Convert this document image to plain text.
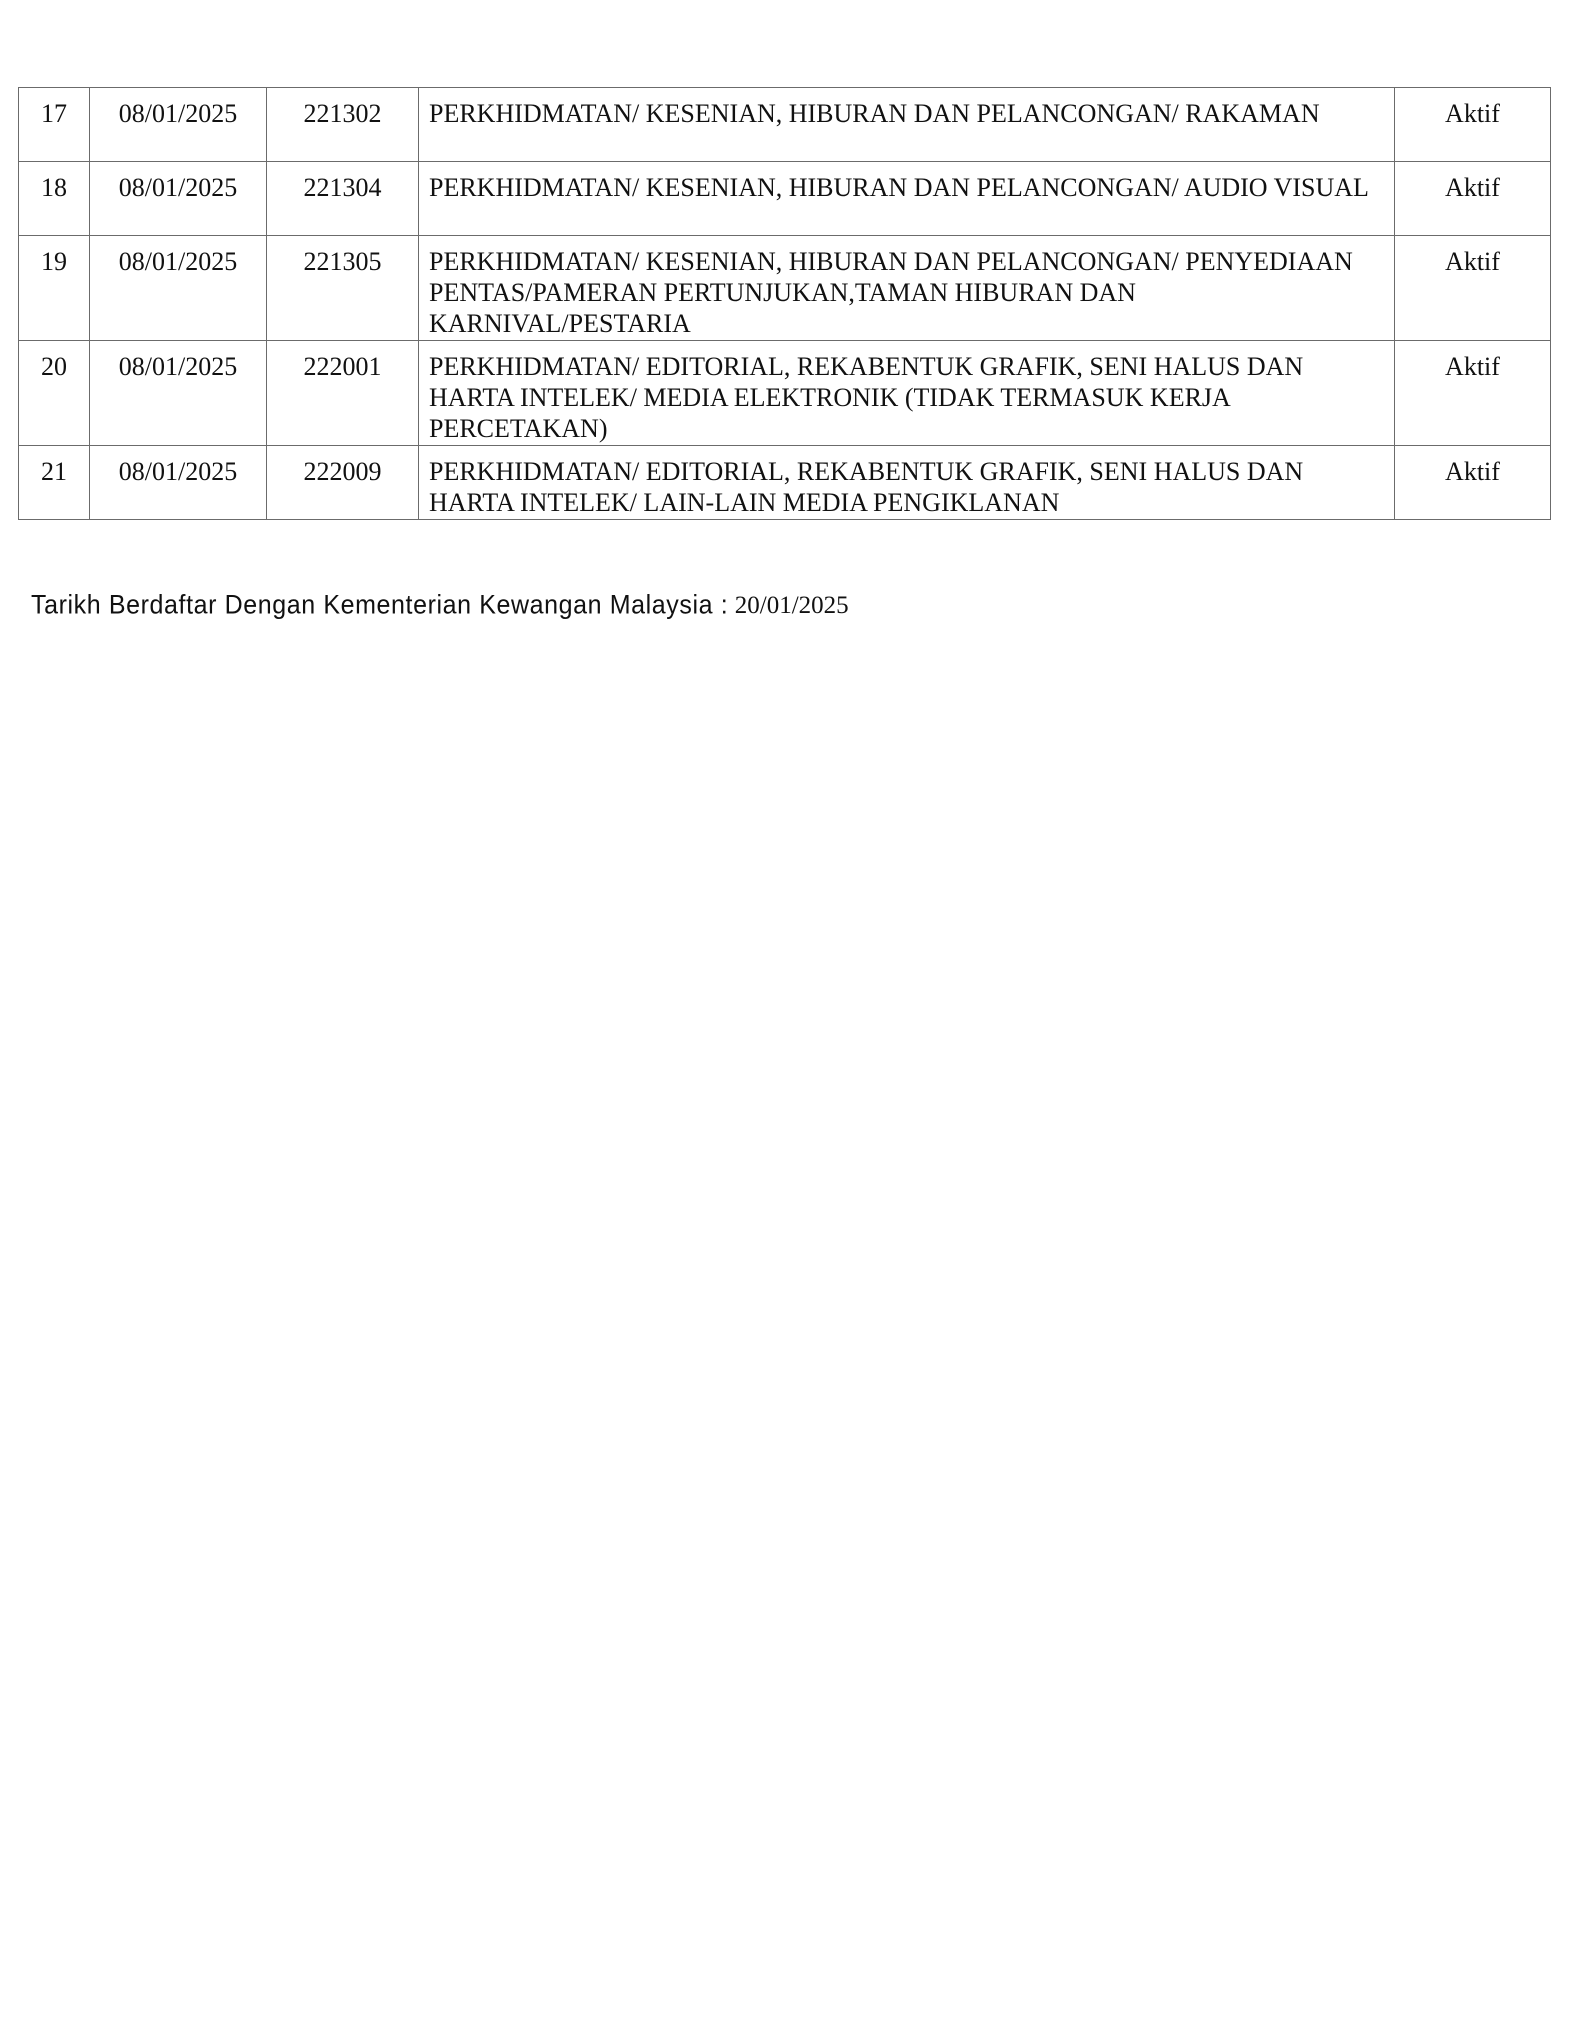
17	08/01/2025	221302	PERKHIDMATAN/ KESENIAN, HIBURAN DAN PELANCONGAN/ RAKAMAN	Aktif
18	08/01/2025	221304	PERKHIDMATAN/ KESENIAN, HIBURAN DAN PELANCONGAN/ AUDIO VISUAL	Aktif
19	08/01/2025	221305	PERKHIDMATAN/ KESENIAN, HIBURAN DAN PELANCONGAN/ PENYEDIAAN PENTAS/PAMERAN PERTUNJUKAN,TAMAN HIBURAN DAN KARNIVAL/PESTARIA	Aktif
20	08/01/2025	222001	PERKHIDMATAN/ EDITORIAL, REKABENTUK GRAFIK, SENI HALUS DAN HARTA INTELEK/ MEDIA ELEKTRONIK (TIDAK TERMASUK KERJA PERCETAKAN)	Aktif
21	08/01/2025	222009	PERKHIDMATAN/ EDITORIAL, REKABENTUK GRAFIK, SENI HALUS DAN HARTA INTELEK/ LAIN-LAIN MEDIA PENGIKLANAN	Aktif
Tarikh Berdaftar Dengan Kementerian Kewangan Malaysia : 20/01/2025
